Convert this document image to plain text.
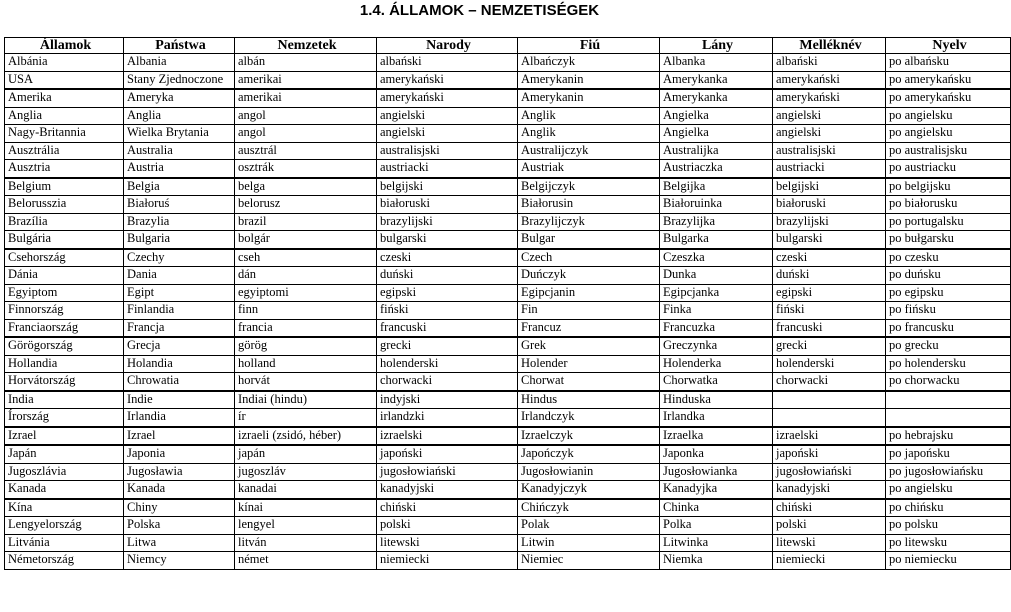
1.4. ÁLLAMOK – NEMZETISÉGEK
Államok	Państwa	Nemzetek	Narody	Fiú	Lány	Melléknév	Nyelv
Albánia	Albania	albán	albański	Albańczyk	Albanka	albański	po albańsku
USA	Stany Zjednoczone	amerikai	amerykański	Amerykanin	Amerykanka	amerykański	po amerykańsku
Amerika	Ameryka	amerikai	amerykański	Amerykanin	Amerykanka	amerykański	po amerykańsku
Anglia	Anglia	angol	angielski	Anglik	Angielka	angielski	po angielsku
Nagy-Britannia	Wielka Brytania	angol	angielski	Anglik	Angielka	angielski	po angielsku
Ausztrália	Australia	ausztrál	australisjski	Australijczyk	Australijka	australisjski	po australisjsku
Ausztria	Austria	osztrák	austriacki	Austriak	Austriaczka	austriacki	po austriacku
Belgium	Belgia	belga	belgijski	Belgijczyk	Belgijka	belgijski	po belgijsku
Belorusszia	Białoruś	belorusz	białoruski	Białorusin	Białoruinka	białoruski	po białorusku
Brazília	Brazylia	brazil	brazylijski	Brazylijczyk	Brazylijka	brazylijski	po portugalsku
Bulgária	Bulgaria	bolgár	bulgarski	Bulgar	Bulgarka	bulgarski	po bułgarsku
Csehország	Czechy	cseh	czeski	Czech	Czeszka	czeski	po czesku
Dánia	Dania	dán	duński	Duńczyk	Dunka	duński	po duńsku
Egyiptom	Egipt	egyiptomi	egipski	Egipcjanin	Egipcjanka	egipski	po egipsku
Finnország	Finlandia	finn	fiński	Fin	Finka	fiński	po fińsku
Franciaország	Francja	francia	francuski	Francuz	Francuzka	francuski	po francusku
Görögország	Grecja	görög	grecki	Grek	Greczynka	grecki	po grecku
Hollandia	Holandia	holland	holenderski	Holender	Holenderka	holenderski	po holendersku
Horvátország	Chrowatia	horvát	chorwacki	Chorwat	Chorwatka	chorwacki	po chorwacku
India	Indie	Indiai (hindu)	indyjski	Hindus	Hinduska		
Írország	Irlandia	ír	irlandzki	Irlandczyk	Irlandka		
Izrael	Izrael	izraeli (zsidó, héber)	izraelski	Izraelczyk	Izraelka	izraelski	po hebrajsku
Japán	Japonia	japán	japoński	Japończyk	Japonka	japoński	po japońsku
Jugoszlávia	Jugosławia	jugoszláv	jugosłowiański	Jugosłowianin	Jugosłowianka	jugosłowiański	po jugosłowiańsku
Kanada	Kanada	kanadai	kanadyjski	Kanadyjczyk	Kanadyjka	kanadyjski	po angielsku
Kína	Chiny	kínai	chiński	Chińczyk	Chinka	chiński	po chińsku
Lengyelország	Polska	lengyel	polski	Polak	Polka	polski	po polsku
Litvánia	Litwa	litván	litewski	Litwin	Litwinka	litewski	po litewsku
Németország	Niemcy	német	niemiecki	Niemiec	Niemka	niemiecki	po niemiecku
